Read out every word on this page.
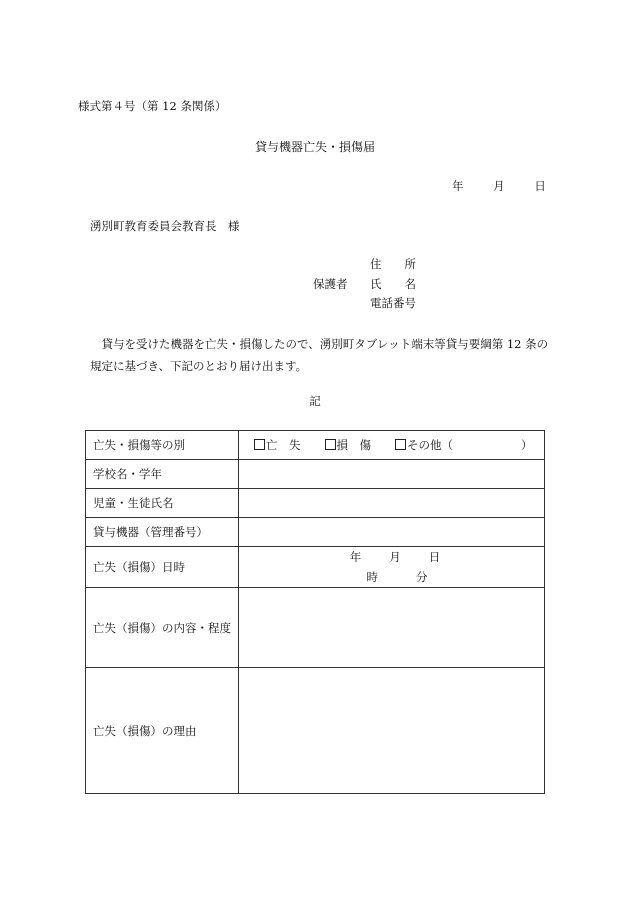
様式第４号（第 12 条関係）
貸与機器亡失・損傷届
年	月	日
湧別町教育委員会教育長　様
住　　所
保護者 氏　　名
電話番号

　貸与を受けた機器を亡失・損傷したので、湧別町タブレット端末等貸与要綱第 12 条の

規定に基づき、下記のとおり届け出ます。

記
亡失・損傷等の別	亡　失 損　傷 その他（ ）

学校名・学年	
児童・生徒氏名	
貸与機器（管理番号）	
亡失（損傷）日時	年 月 日
時 分

亡失（損傷）の内容・程度	
亡失（損傷）の理由	
